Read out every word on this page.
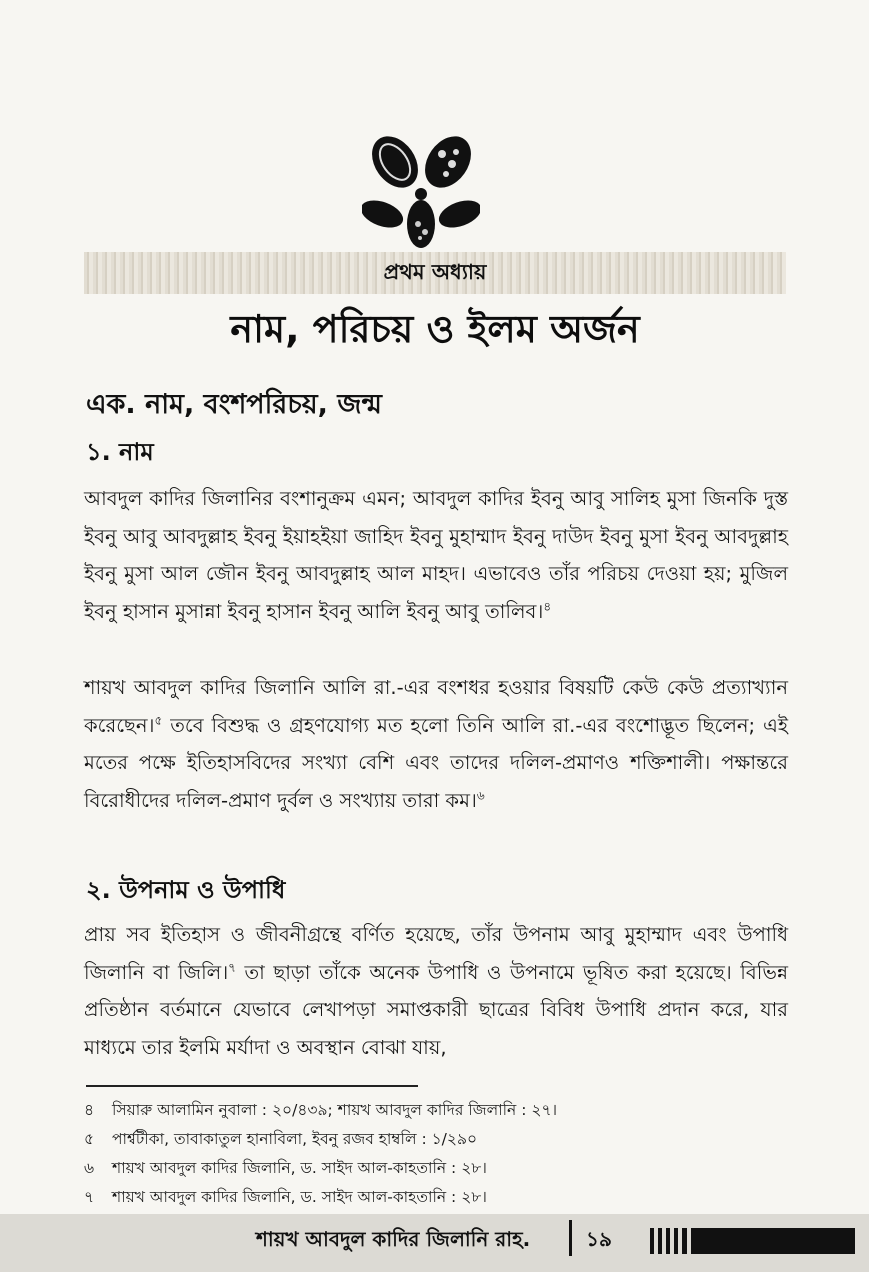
প্রথম অধ্যায়
নাম, পরিচয় ও ইলম অর্জন
এক. নাম, বংশপরিচয়, জন্ম
১. নাম
আবদুল কাদির জিলানির বংশানুক্রম এমন; আবদুল কাদির ইবনু আবু সালিহ মুসা জিনকি দুস্ত ইবনু আবু আবদুল্লাহ ইবনু ইয়াহইয়া জাহিদ ইবনু মুহাম্মাদ ইবনু দাউদ ইবনু মুসা ইবনু আবদুল্লাহ ইবনু মুসা আল জৌন ইবনু আবদুল্লাহ আল মাহদ। এভাবেও তাঁর পরিচয় দেওয়া হয়; মুজিল ইবনু হাসান মুসান্না ইবনু হাসান ইবনু আলি ইবনু আবু তালিব।$^৪$
শায়খ আবদুল কাদির জিলানি আলি রা.-এর বংশধর হওয়ার বিষয়টি কেউ কেউ প্রত্যাখ্যান করেছেন।$^৫$ তবে বিশুদ্ধ ও গ্রহণযোগ্য মত হলো তিনি আলি রা.-এর বংশোদ্ভূত ছিলেন; এই মতের পক্ষে ইতিহাসবিদের সংখ্যা বেশি এবং তাদের দলিল-প্রমাণও শক্তিশালী। পক্ষান্তরে বিরোধীদের দলিল-প্রমাণ দুর্বল ও সংখ্যায় তারা কম।$^৬$
২. উপনাম ও উপাধি
প্রায় সব ইতিহাস ও জীবনীগ্রন্থে বর্ণিত হয়েছে, তাঁর উপনাম আবু মুহাম্মাদ এবং উপাধি জিলানি বা জিলি।$^৭$ তা ছাড়া তাঁকে অনেক উপাধি ও উপনামে ভূষিত করা হয়েছে। বিভিন্ন প্রতিষ্ঠান বর্তমানে যেভাবে লেখাপড়া সমাপ্তকারী ছাত্রের বিবিধ উপাধি প্রদান করে, যার মাধ্যমে তার ইলমি মর্যাদা ও অবস্থান বোঝা যায়,
৪	সিয়ারু আলামিন নুবালা : ২০/৪৩৯; শায়খ আবদুল কাদির জিলানি : ২৭।
৫	পার্শ্বটীকা, তাবাকাতুল হানাবিলা, ইবনু রজব হাম্বলি : ১/২৯০
৬	শায়খ আবদুল কাদির জিলানি, ড. সাইদ আল-কাহতানি : ২৮।
৭	শায়খ আবদুল কাদির জিলানি, ড. সাইদ আল-কাহতানি : ২৮।
শায়খ আবদুল কাদির জিলানি রাহ.	১৯
